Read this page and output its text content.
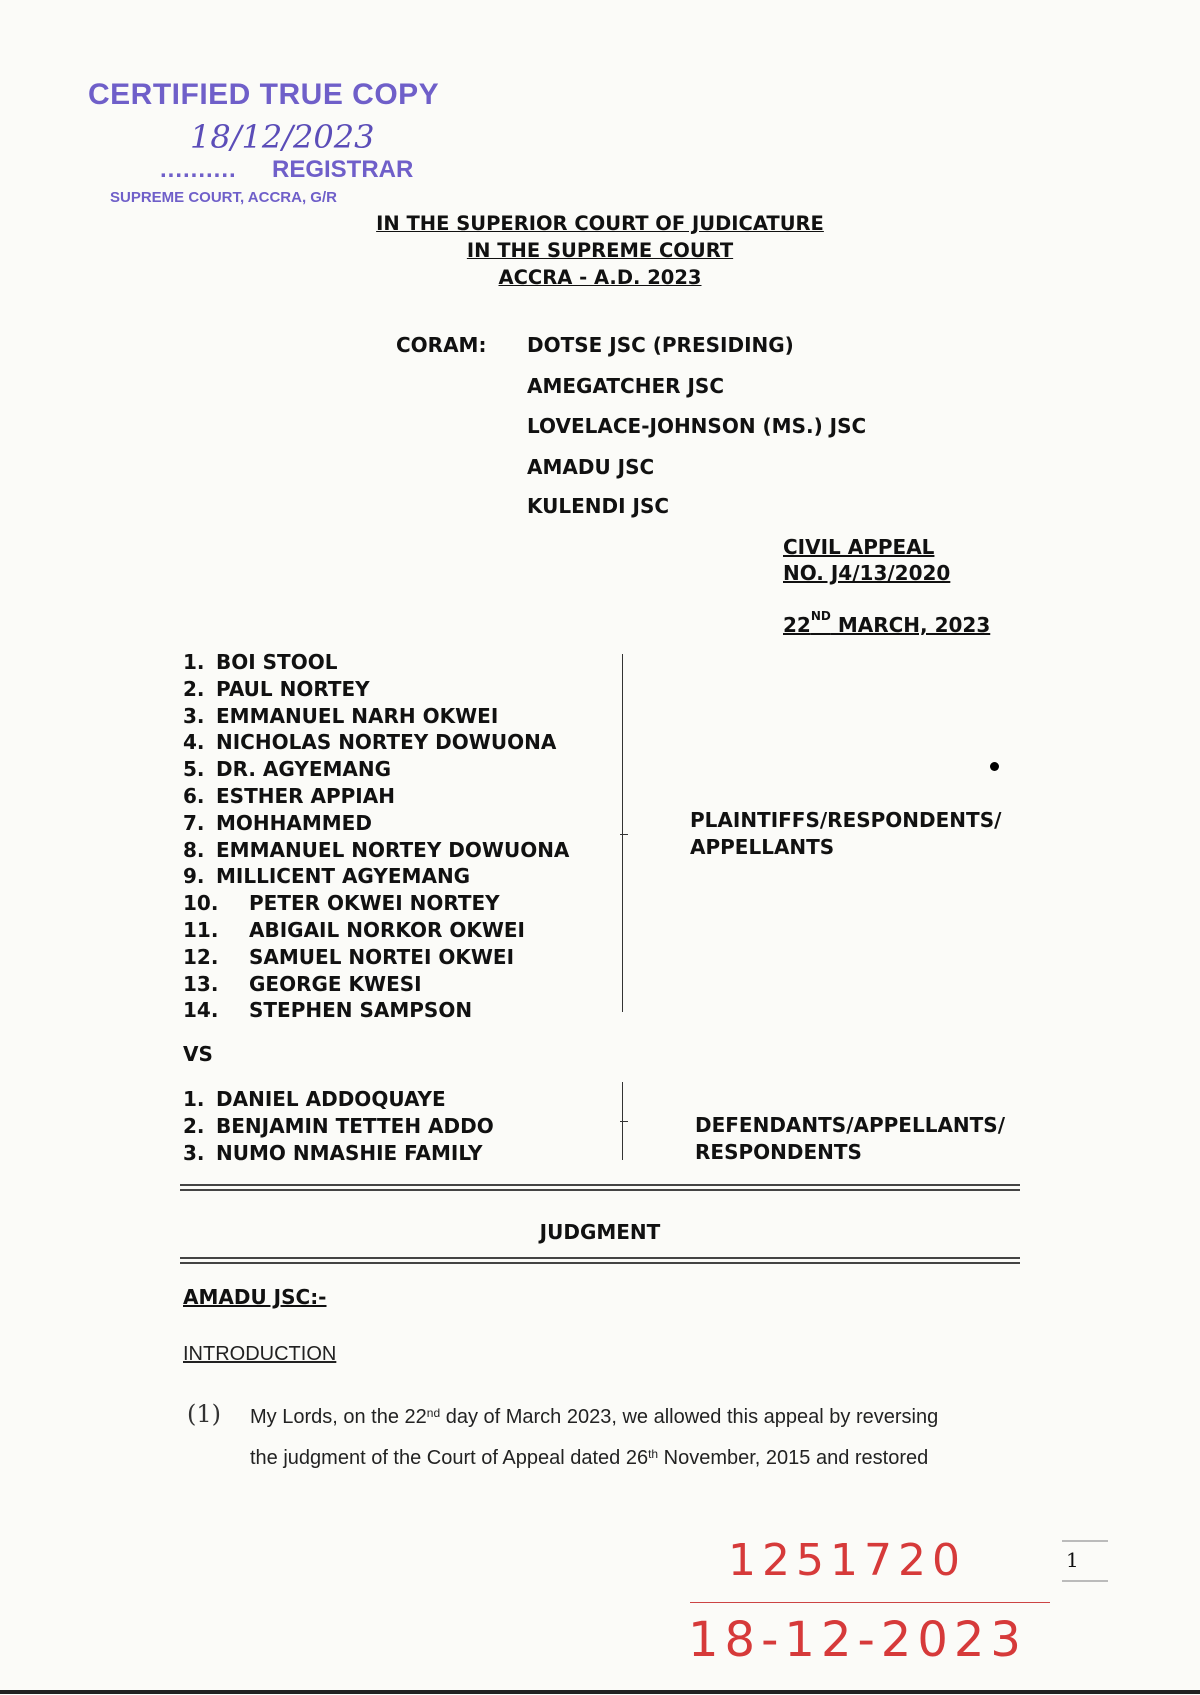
CERTIFIED TRUE COPY
18/12/2023
.......... REGISTRAR
SUPREME COURT, ACCRA, G/R
IN THE SUPERIOR COURT OF JUDICATURE
IN THE SUPREME COURT
ACCRA - A.D. 2023
CORAM: DOTSE JSC (PRESIDING)
AMEGATCHER JSC
LOVELACE-JOHNSON (MS.) JSC
AMADU JSC
KULENDI JSC
CIVIL APPEAL
NO. J4/13/2020
22ND MARCH, 2023
1. BOI STOOL
2. PAUL NORTEY
3. EMMANUEL NARH OKWEI
4. NICHOLAS NORTEY DOWUONA
5. DR. AGYEMANG
6. ESTHER APPIAH
7. MOHHAMMED
8. EMMANUEL NORTEY DOWUONA
9. MILLICENT AGYEMANG
10.	PETER OKWEI NORTEY
11.	ABIGAIL NORKOR OKWEI
12.	SAMUEL NORTEI OKWEI
13.	GEORGE KWESI
14.	STEPHEN SAMPSON
PLAINTIFFS/RESPONDENTS/
APPELLANTS
VS
1. DANIEL ADDOQUAYE
2. BENJAMIN TETTEH ADDO
3. NUMO NMASHIE FAMILY
DEFENDANTS/APPELLANTS/
RESPONDENTS
JUDGMENT
AMADU JSC:-
INTRODUCTION
(1) My Lords, on the 22nd day of March 2023, we allowed this appeal by reversing
the judgment of the Court of Appeal dated 26th November, 2015 and restored
1251720
18-12-2023
1
